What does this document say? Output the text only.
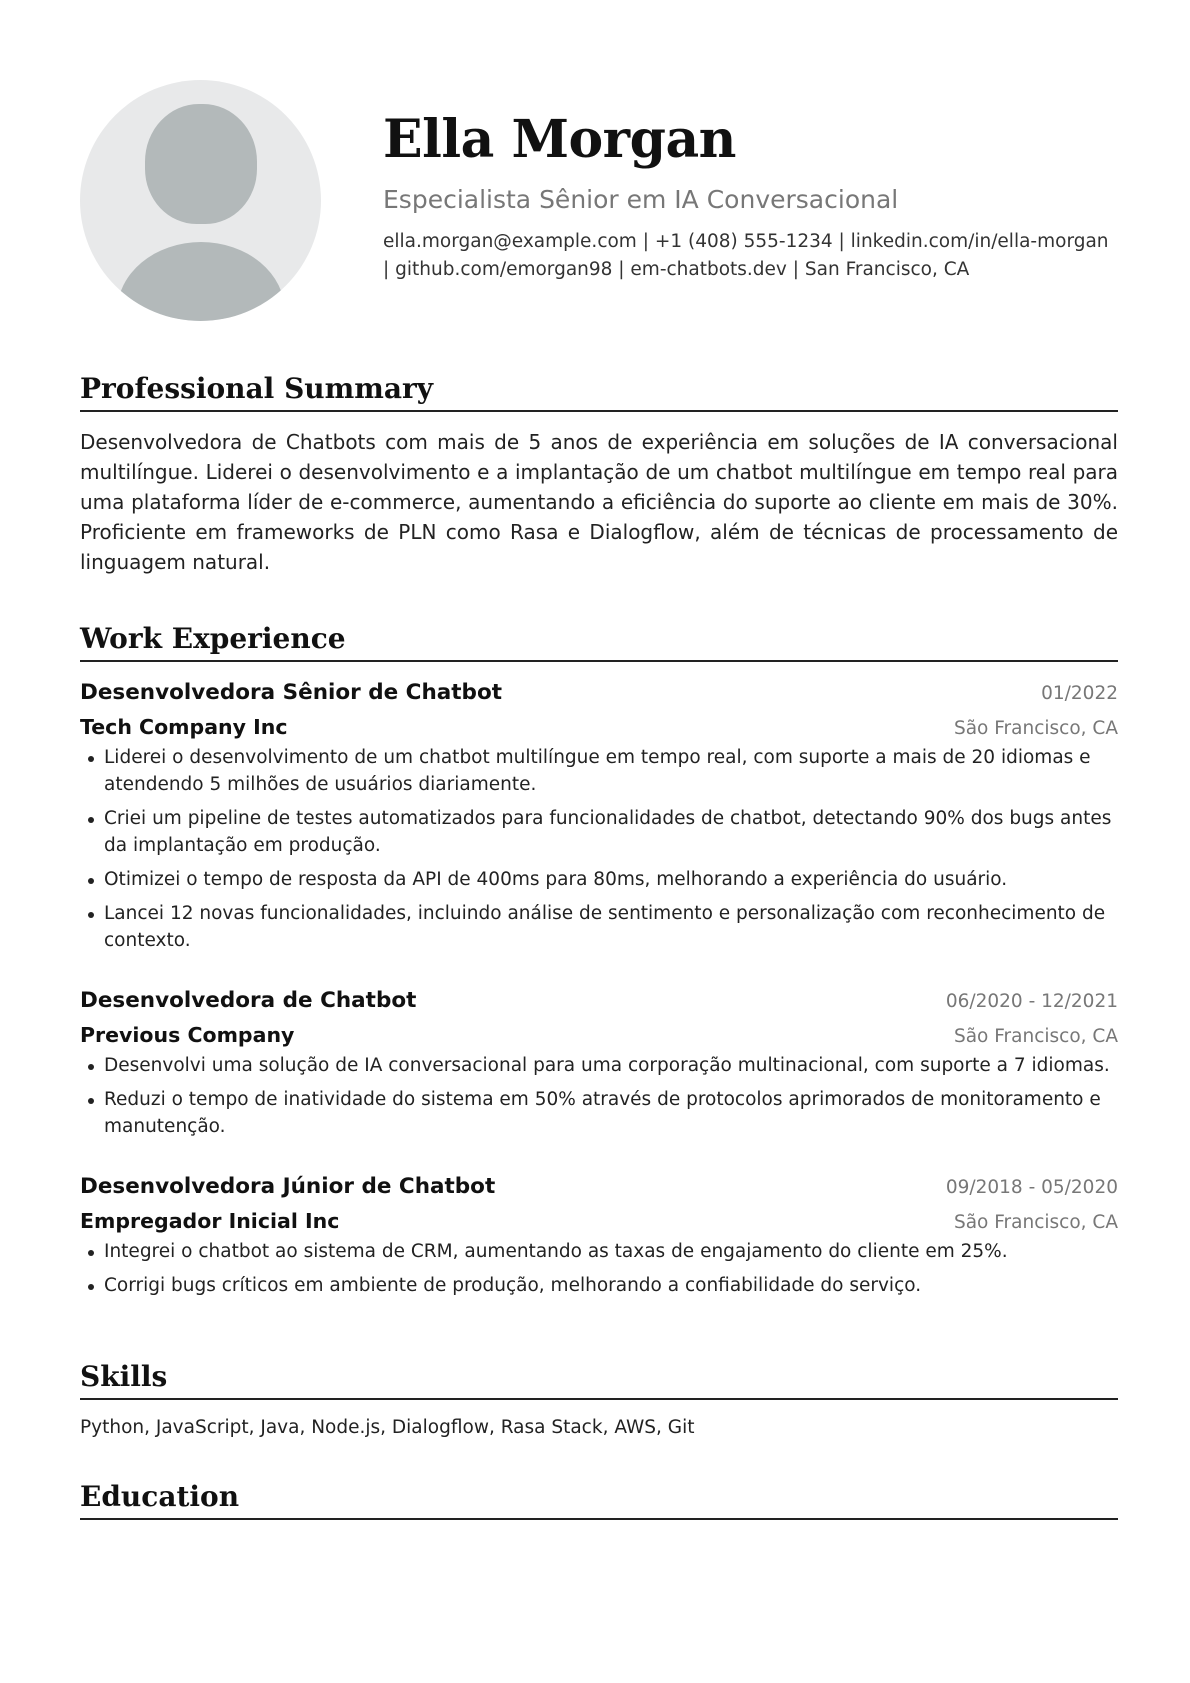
Ella Morgan
Especialista Sênior em IA Conversacional
ella.morgan@example.com | +1 (408) 555-1234 | linkedin.com/in/ella-morgan
| github.com/emorgan98 | em-chatbots.dev | San Francisco, CA
Professional Summary
Desenvolvedora de Chatbots com mais de 5 anos de experiência em soluções de IA conversacional multilíngue. Liderei o desenvolvimento e a implantação de um chatbot multilíngue em tempo real para uma plataforma líder de e-commerce, aumentando a eficiência do suporte ao cliente em mais de 30%. Proficiente em frameworks de PLN como Rasa e Dialogflow, além de técnicas de processamento de linguagem natural.
Work Experience
Desenvolvedora Sênior de Chatbot	01/2022
Tech Company Inc	São Francisco, CA
Liderei o desenvolvimento de um chatbot multilíngue em tempo real, com suporte a mais de 20 idiomas e atendendo 5 milhões de usuários diariamente.
Criei um pipeline de testes automatizados para funcionalidades de chatbot, detectando 90% dos bugs antes da implantação em produção.
Otimizei o tempo de resposta da API de 400ms para 80ms, melhorando a experiência do usuário.
Lancei 12 novas funcionalidades, incluindo análise de sentimento e personalização com reconhecimento de contexto.
Desenvolvedora de Chatbot	06/2020 - 12/2021
Previous Company	São Francisco, CA
Desenvolvi uma solução de IA conversacional para uma corporação multinacional, com suporte a 7 idiomas.
Reduzi o tempo de inatividade do sistema em 50% através de protocolos aprimorados de monitoramento e manutenção.
Desenvolvedora Júnior de Chatbot	09/2018 - 05/2020
Empregador Inicial Inc	São Francisco, CA
Integrei o chatbot ao sistema de CRM, aumentando as taxas de engajamento do cliente em 25%.
Corrigi bugs críticos em ambiente de produção, melhorando a confiabilidade do serviço.
Skills
Python, JavaScript, Java, Node.js, Dialogflow, Rasa Stack, AWS, Git
Education
